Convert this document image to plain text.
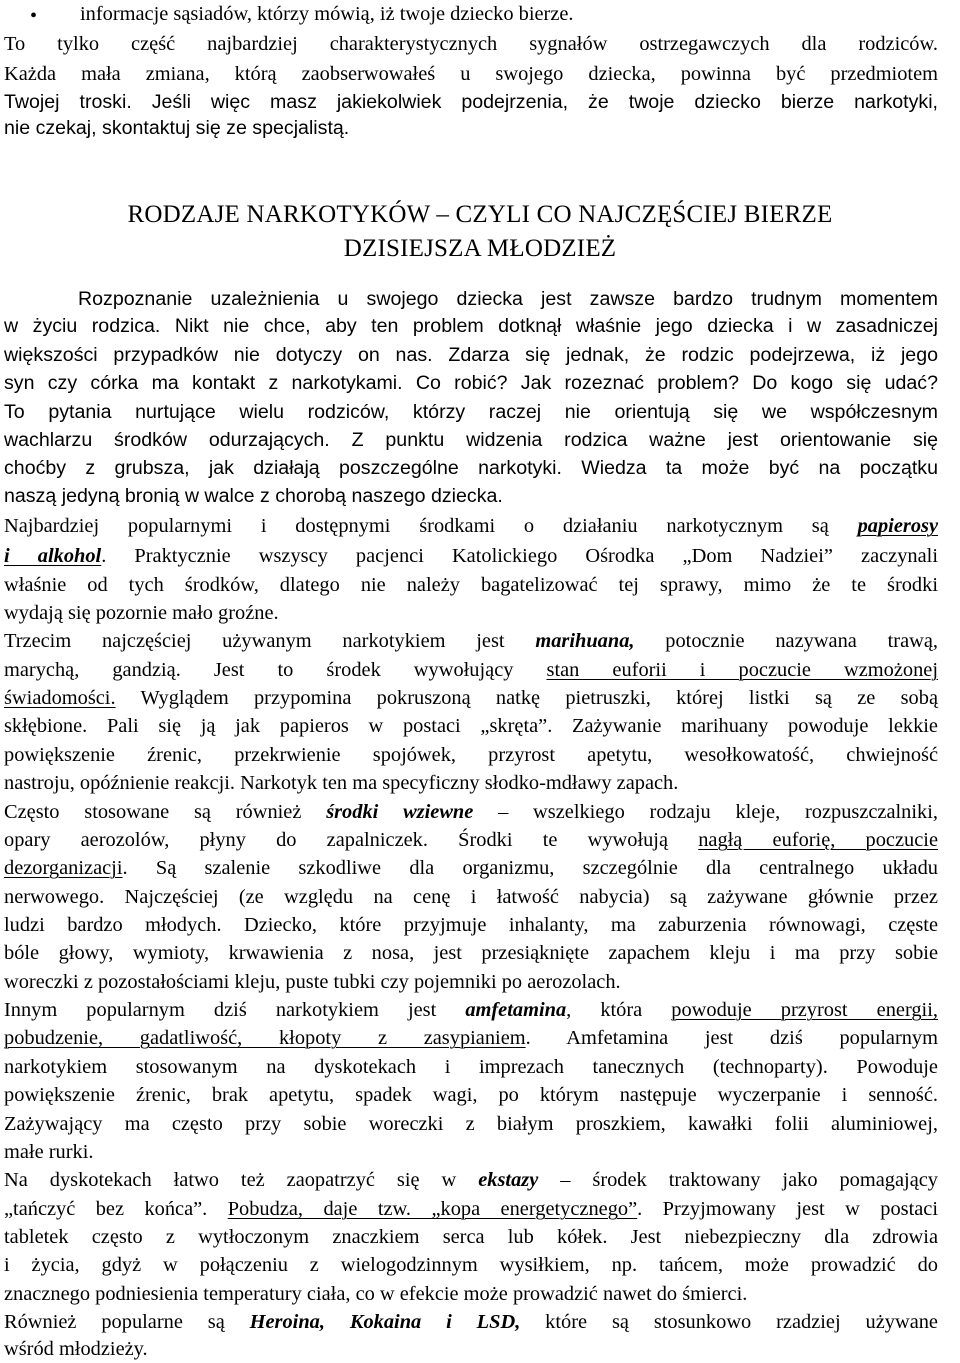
• informacje sąsiadów, którzy mówią, iż twoje dziecko bierze.
To tylko część najbardziej charakterystycznych sygnałów ostrzegawczych dla rodziców.
Każda mała zmiana, którą zaobserwowałeś u swojego dziecka, powinna być przedmiotem
Twojej troski. Jeśli więc masz jakiekolwiek podejrzenia, że twoje dziecko bierze narkotyki,
nie czekaj, skontaktuj się ze specjalistą.
RODZAJE NARKOTYKÓW – CZYLI CO NAJCZĘŚCIEJ BIERZE
DZISIEJSZA MŁODZIEŻ
Rozpoznanie uzależnienia u swojego dziecka jest zawsze bardzo trudnym momentem
w życiu rodzica. Nikt nie chce, aby ten problem dotknął właśnie jego dziecka i w zasadniczej
większości przypadków nie dotyczy on nas. Zdarza się jednak, że rodzic podejrzewa, iż jego
syn czy córka ma kontakt z narkotykami. Co robić? Jak rozeznać problem? Do kogo się udać?
To pytania nurtujące wielu rodziców, którzy raczej nie orientują się we współczesnym
wachlarzu środków odurzających. Z punktu widzenia rodzica ważne jest orientowanie się
choćby z grubsza, jak działają poszczególne narkotyki. Wiedza ta może być na początku
naszą jedyną bronią w walce z chorobą naszego dziecka.
Najbardziej popularnymi i dostępnymi środkami o działaniu narkotycznym są papierosy
i alkohol. Praktycznie wszyscy pacjenci Katolickiego Ośrodka „Dom Nadziei” zaczynali
właśnie od tych środków, dlatego nie należy bagatelizować tej sprawy, mimo że te środki
wydają się pozornie mało groźne.
Trzecim najczęściej używanym narkotykiem jest marihuana, potocznie nazywana trawą,
marychą, gandzią. Jest to środek wywołujący stan euforii i poczucie wzmożonej
świadomości. Wyglądem przypomina pokruszoną natkę pietruszki, której listki są ze sobą
skłębione. Pali się ją jak papieros w postaci „skręta”. Zażywanie marihuany powoduje lekkie
powiększenie źrenic, przekrwienie spojówek, przyrost apetytu, wesołkowatość, chwiejność
nastroju, opóźnienie reakcji. Narkotyk ten ma specyficzny słodko-mdławy zapach.
Często stosowane są również środki wziewne – wszelkiego rodzaju kleje, rozpuszczalniki,
opary aerozolów, płyny do zapalniczek. Środki te wywołują nagłą euforię, poczucie
dezorganizacji. Są szalenie szkodliwe dla organizmu, szczególnie dla centralnego układu
nerwowego. Najczęściej (ze względu na cenę i łatwość nabycia) są zażywane głównie przez
ludzi bardzo młodych. Dziecko, które przyjmuje inhalanty, ma zaburzenia równowagi, częste
bóle głowy, wymioty, krwawienia z nosa, jest przesiąknięte zapachem kleju i ma przy sobie
woreczki z pozostałościami kleju, puste tubki czy pojemniki po aerozolach.
Innym popularnym dziś narkotykiem jest amfetamina, która powoduje przyrost energii,
pobudzenie, gadatliwość, kłopoty z zasypianiem. Amfetamina jest dziś popularnym
narkotykiem stosowanym na dyskotekach i imprezach tanecznych (technoparty). Powoduje
powiększenie źrenic, brak apetytu, spadek wagi, po którym następuje wyczerpanie i senność.
Zażywający ma często przy sobie woreczki z białym proszkiem, kawałki folii aluminiowej,
małe rurki.
Na dyskotekach łatwo też zaopatrzyć się w ekstazy – środek traktowany jako pomagający
„tańczyć bez końca”. Pobudza, daje tzw. „kopa energetycznego”. Przyjmowany jest w postaci
tabletek często z wytłoczonym znaczkiem serca lub kółek. Jest niebezpieczny dla zdrowia
i życia, gdyż w połączeniu z wielogodzinnym wysiłkiem, np. tańcem, może prowadzić do
znacznego podniesienia temperatury ciała, co w efekcie może prowadzić nawet do śmierci.
Również popularne są Heroina, Kokaina i LSD, które są stosunkowo rzadziej używane
wśród młodzieży.
